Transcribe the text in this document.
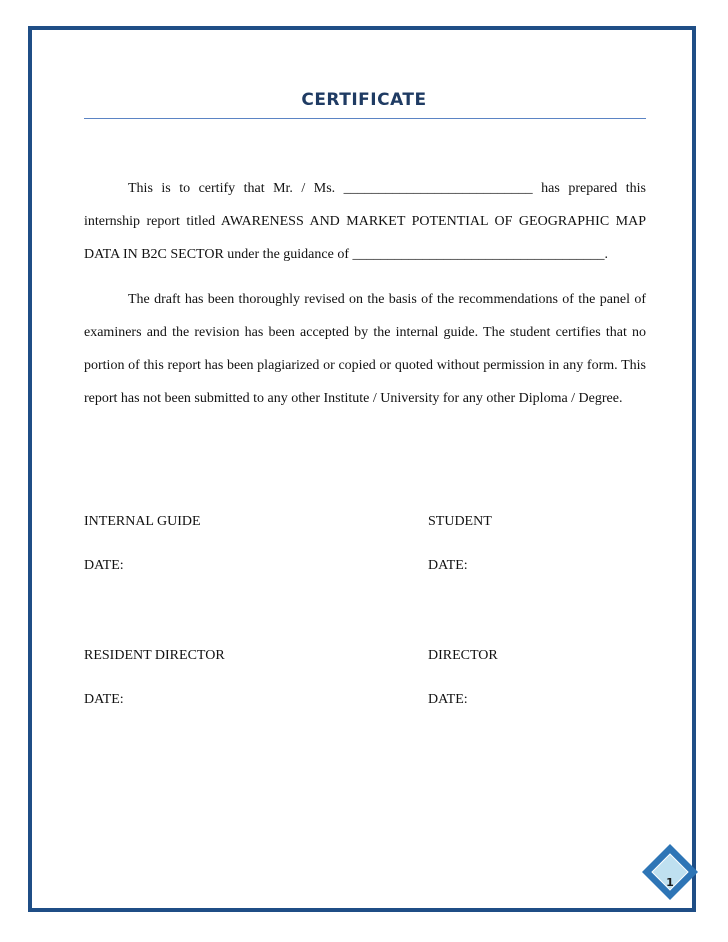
CERTIFICATE

This is to certify that Mr. / Ms. ___________________________ has prepared this internship report titled AWARENESS AND MARKET POTENTIAL OF GEOGRAPHIC MAP DATA IN B2C SECTOR under the guidance of ____________________________________.

The draft has been thoroughly revised on the basis of the recommendations of the panel of examiners and the revision has been accepted by the internal guide. The student certifies that no portion of this report has been plagiarized or copied or quoted without permission in any form. This report has not been submitted to any other Institute / University for any other Diploma / Degree.

INTERNAL GUIDE	STUDENT
DATE:	DATE:
RESIDENT DIRECTOR	DIRECTOR
DATE:	DATE:
1
